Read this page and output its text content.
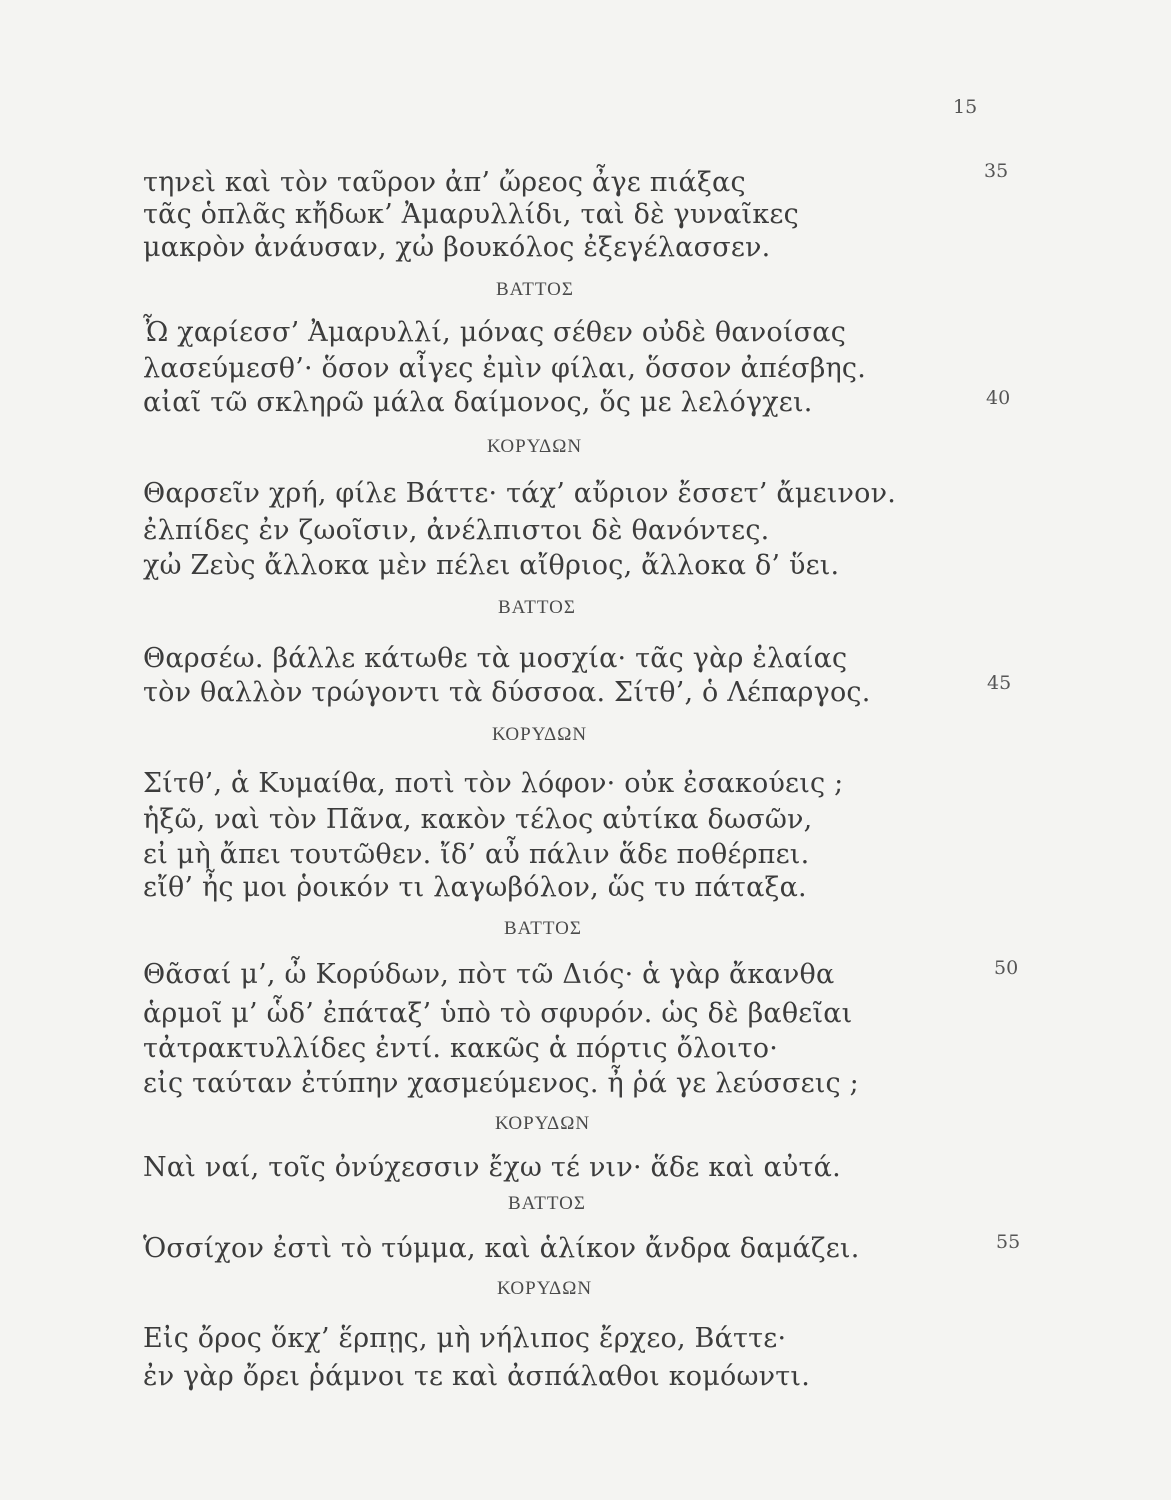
15
τηνεὶ καὶ τὸν ταῦρον ἀπ’ ὤρεος ἆγε πιάξας	35
τᾶς ὁπλᾶς κἤδωκ’ Ἀμαρυλλίδι, ταὶ δὲ γυναῖκες
μακρὸν ἀνάυσαν, χὠ βουκόλος ἐξεγέλασσεν.
ΒΑΤΤΟΣ
Ὦ χαρίεσσ’ Ἀμαρυλλί, μόνας σέθεν οὐδὲ θανοίσας
λασεύμεσθ’· ὅσον αἶγες ἐμὶν φίλαι, ὅσσον ἀπέσβης.
αἰαῖ τῶ σκληρῶ μάλα δαίμονος, ὅς με λελόγχει.	40
ΚΟΡΥΔΩΝ
Θαρσεῖν χρή, φίλε Βάττε· τάχ’ αὔριον ἔσσετ’ ἄμεινον.
ἐλπίδες ἐν ζωοῖσιν, ἀνέλπιστοι δὲ θανόντες.
χὠ Ζεὺς ἄλλοκα μὲν πέλει αἴθριος, ἄλλοκα δ’ ὕει.
ΒΑΤΤΟΣ
Θαρσέω. βάλλε κάτωθε τὰ μοσχία· τᾶς γὰρ ἐλαίας
τὸν θαλλὸν τρώγοντι τὰ δύσσοα. Σίτθ’, ὁ Λέπαργος.	45
ΚΟΡΥΔΩΝ
Σίτθ’, ἁ Κυμαίθα, ποτὶ τὸν λόφον· οὐκ ἐσακούεις ;
ἡξῶ, ναὶ τὸν Πᾶνα, κακὸν τέλος αὐτίκα δωσῶν,
εἰ μὴ ἄπει τουτῶθεν. ἴδ’ αὖ πάλιν ἅδε ποθέρπει.
εἴθ’ ἦς μοι ῥοικόν τι λαγωβόλον, ὥς τυ πάταξα.
ΒΑΤΤΟΣ
Θᾶσαί μ’, ὦ Κορύδων, πὸτ τῶ Διός· ἁ γὰρ ἄκανθα	50
ἁρμοῖ μ’ ὧδ’ ἐπάταξ’ ὑπὸ τὸ σφυρόν. ὡς δὲ βαθεῖαι
τἀτρακτυλλίδες ἐντί. κακῶς ἁ πόρτις ὄλοιτο·
εἰς ταύταν ἐτύπην χασμεύμενος. ἦ ῥά γε λεύσσεις ;
ΚΟΡΥΔΩΝ
Ναὶ ναί, τοῖς ὀνύχεσσιν ἔχω τέ νιν· ἅδε καὶ αὐτά.
ΒΑΤΤΟΣ
Ὁσσίχον ἐστὶ τὸ τύμμα, καὶ ἁλίκον ἄνδρα δαμάζει.	55
ΚΟΡΥΔΩΝ
Εἰς ὄρος ὅκχ’ ἕρπῃς, μὴ νήλιπος ἔρχεο, Βάττε·
ἐν γὰρ ὄρει ῥάμνοι τε καὶ ἀσπάλαθοι κομόωντι.
